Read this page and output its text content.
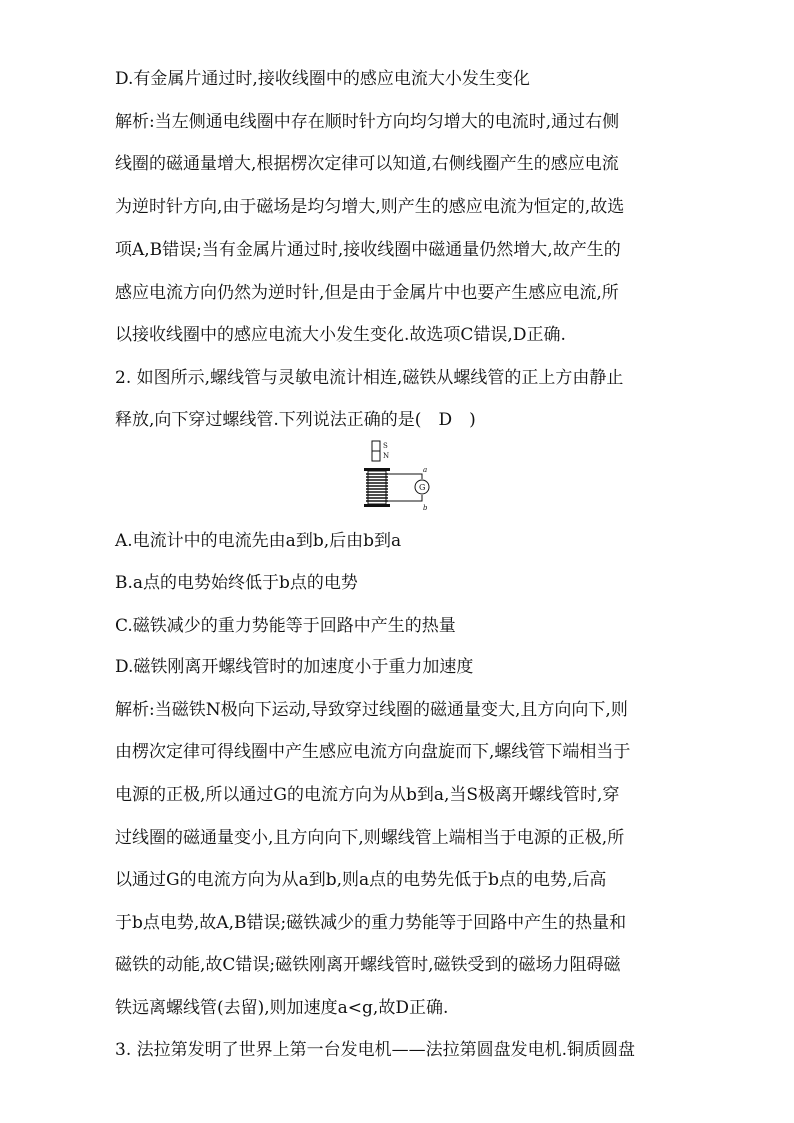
D.有金属片通过时,接收线圈中的感应电流大小发生变化
解析:当左侧通电线圈中存在顺时针方向均匀增大的电流时,通过右侧
线圈的磁通量增大,根据楞次定律可以知道,右侧线圈产生的感应电流
为逆时针方向,由于磁场是均匀增大,则产生的感应电流为恒定的,故选
项A,B错误;当有金属片通过时,接收线圈中磁通量仍然增大,故产生的
感应电流方向仍然为逆时针,但是由于金属片中也要产生感应电流,所
以接收线圈中的感应电流大小发生变化.故选项C错误,D正确.
2. 如图所示,螺线管与灵敏电流计相连,磁铁从螺线管的正上方由静止
释放,向下穿过螺线管.下列说法正确的是(　D　)
S
N
a
b
G
A.电流计中的电流先由a到b,后由b到a
B.a点的电势始终低于b点的电势
C.磁铁减少的重力势能等于回路中产生的热量
D.磁铁刚离开螺线管时的加速度小于重力加速度
解析:当磁铁N极向下运动,导致穿过线圈的磁通量变大,且方向向下,则
由楞次定律可得线圈中产生感应电流方向盘旋而下,螺线管下端相当于
电源的正极,所以通过G的电流方向为从b到a,当S极离开螺线管时,穿
过线圈的磁通量变小,且方向向下,则螺线管上端相当于电源的正极,所
以通过G的电流方向为从a到b,则a点的电势先低于b点的电势,后高
于b点电势,故A,B错误;磁铁减少的重力势能等于回路中产生的热量和
磁铁的动能,故C错误;磁铁刚离开螺线管时,磁铁受到的磁场力阻碍磁
铁远离螺线管(去留),则加速度a<g,故D正确.
3. 法拉第发明了世界上第一台发电机——法拉第圆盘发电机.铜质圆盘
